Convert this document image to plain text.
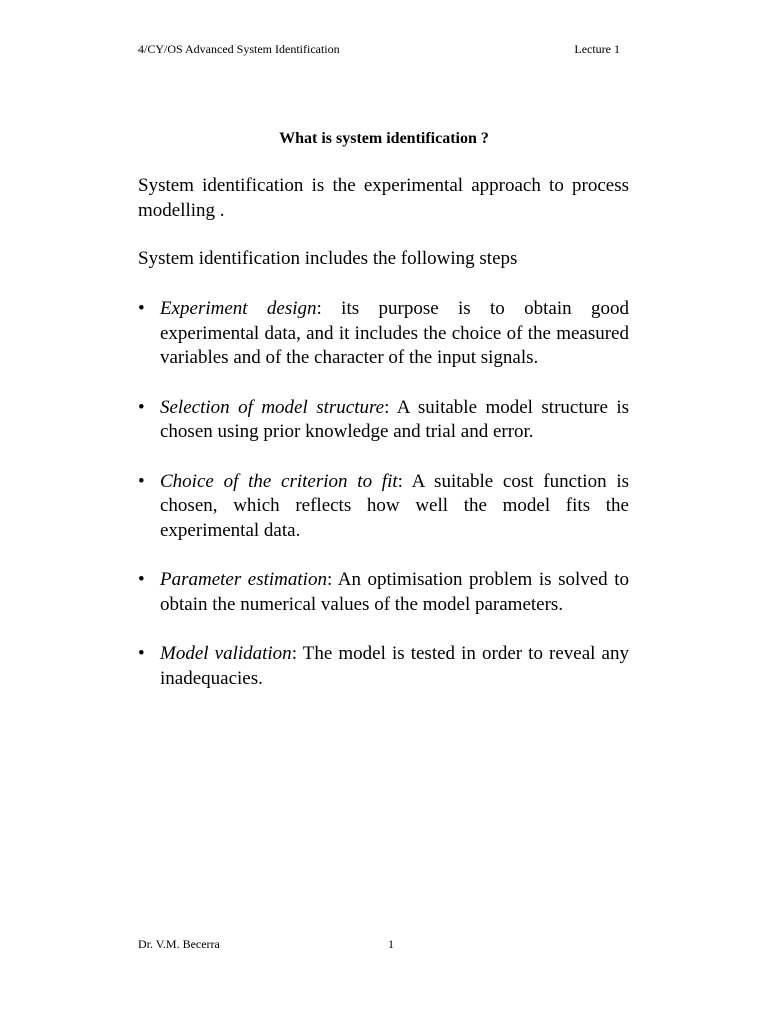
4/CY/OS Advanced System Identification	Lecture 1
What is system identification ?
System identification is the experimental approach to process modelling .
System identification includes the following steps
• Experiment design: its purpose is to obtain good experimental data, and it includes the choice of the measured variables and of the character of the input signals.
• Selection of model structure: A suitable model structure is chosen using prior knowledge and trial and error.
• Choice of the criterion to fit: A suitable cost function is chosen, which reflects how well the model fits the experimental data.
• Parameter estimation: An optimisation problem is solved to obtain the numerical values of the model parameters.
• Model validation: The model is tested in order to reveal any inadequacies.
Dr. V.M. Becerra	1
